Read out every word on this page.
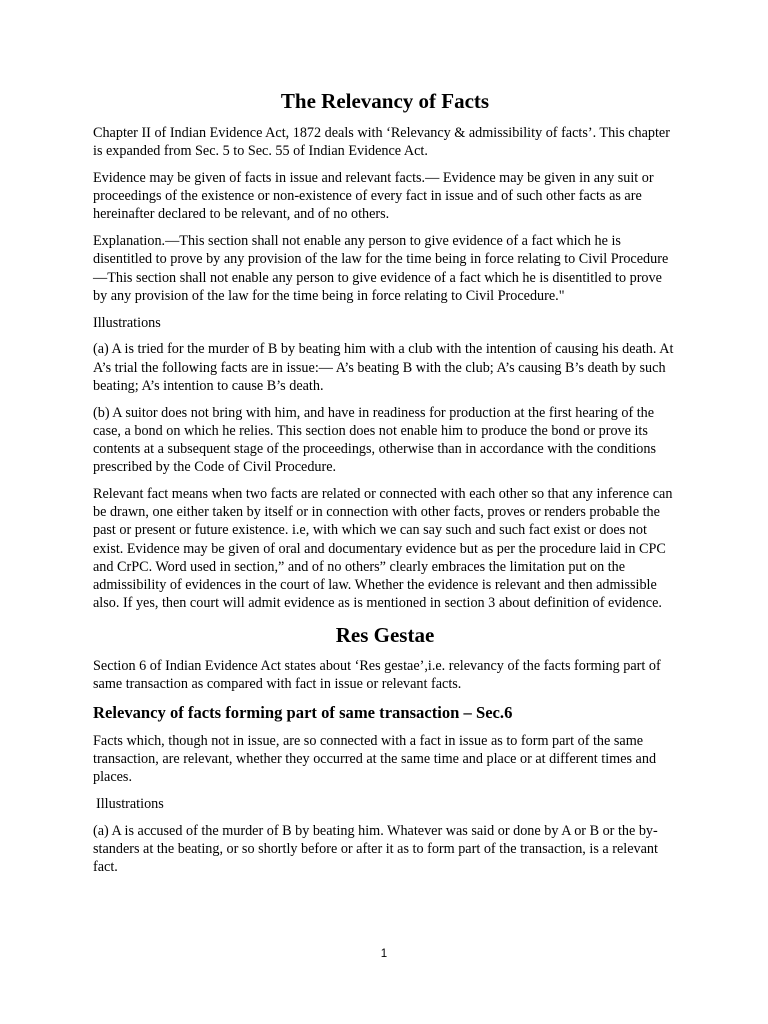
The Relevancy of Facts

Chapter II of Indian Evidence Act, 1872 deals with ‘Relevancy & admissibility of facts’. This chapter is expanded from Sec. 5 to Sec. 55 of Indian Evidence Act.

Evidence may be given of facts in issue and relevant facts.— Evidence may be given in any suit or proceedings of the existence or non-existence of every fact in issue and of such other facts as are hereinafter declared to be relevant, and of no others.

Explanation.—This section shall not enable any person to give evidence of a fact which he is disentitled to prove by any provision of the law for the time being in force relating to Civil Procedure —This section shall not enable any person to give evidence of a fact which he is disentitled to prove by any provision of the law for the time being in force relating to Civil Procedure."

Illustrations

(a) A is tried for the murder of B by beating him with a club with the intention of causing his death. At A’s trial the following facts are in issue:— A’s beating B with the club; A’s causing B’s death by such beating; A’s intention to cause B’s death.

(b) A suitor does not bring with him, and have in readiness for production at the first hearing of the case, a bond on which he relies. This section does not enable him to produce the bond or prove its contents at a subsequent stage of the proceedings, otherwise than in accordance with the conditions prescribed by the Code of Civil Procedure.

Relevant fact means when two facts are related or connected with each other so that any inference can be drawn, one either taken by itself or in connection with other facts, proves or renders probable the past or present or future existence. i.e, with which we can say such and such fact exist or does not exist. Evidence may be given of oral and documentary evidence but as per the procedure laid in CPC and CrPC. Word used in section,” and of no others” clearly embraces the limitation put on the admissibility of evidences in the court of law. Whether the evidence is relevant and then admissible also. If yes, then court will admit evidence as is mentioned in section 3 about definition of evidence.

Res Gestae

Section 6 of Indian Evidence Act states about ‘Res gestae’,i.e. relevancy of the facts forming part of same transaction as compared with fact in issue or relevant facts.

Relevancy of facts forming part of same transaction – Sec.6

Facts which, though not in issue, are so connected with a fact in issue as to form part of the same transaction, are relevant, whether they occurred at the same time and place or at different times and places.

Illustrations

(a) A is accused of the murder of B by beating him. Whatever was said or done by A or B or the by-standers at the beating, or so shortly before or after it as to form part of the transaction, is a relevant fact.

1
